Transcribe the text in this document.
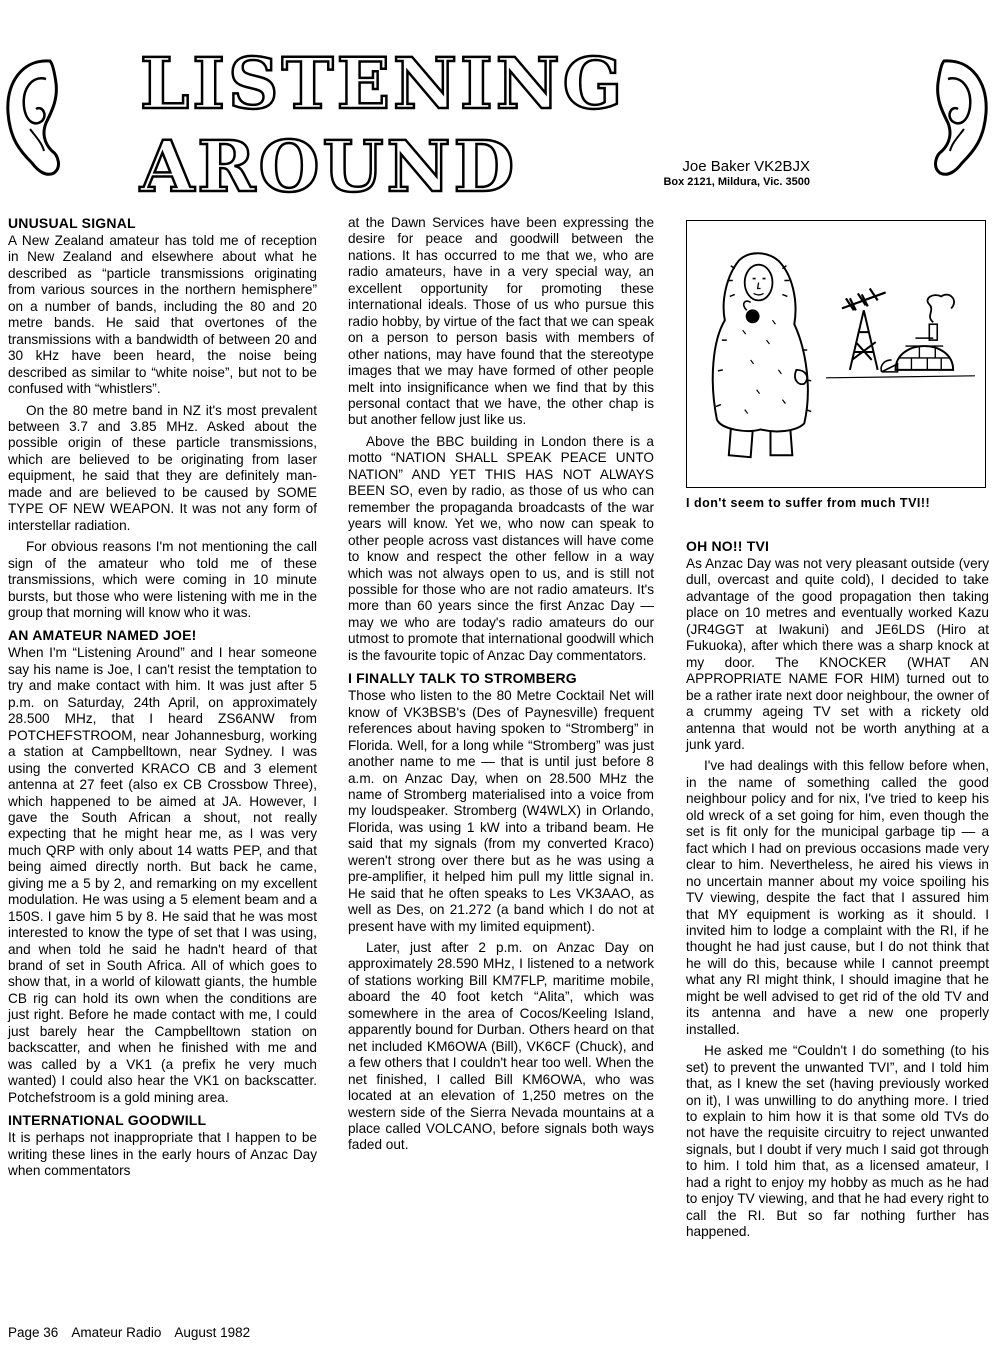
LISTENING AROUND	Joe Baker VK2BJX
Box 2121, Mildura, Vic. 3500
UNUSUAL SIGNAL

A New Zealand amateur has told me of reception in New Zealand and elsewhere about what he described as “particle transmissions originating from various sources in the northern hemisphere” on a number of bands, including the 80 and 20 metre bands. He said that overtones of the transmissions with a bandwidth of between 20 and 30 kHz have been heard, the noise being described as similar to “white noise”, but not to be confused with “whistlers”.

On the 80 metre band in NZ it's most prevalent between 3.7 and 3.85 MHz. Asked about the possible origin of these particle transmissions, which are believed to be originating from laser equipment, he said that they are definitely man-made and are believed to be caused by SOME TYPE OF NEW WEAPON. It was not any form of interstellar radiation.

For obvious reasons I'm not mentioning the call sign of the amateur who told me of these transmissions, which were coming in 10 minute bursts, but those who were listening with me in the group that morning will know who it was.

AN AMATEUR NAMED JOE!

When I'm “Listening Around” and I hear someone say his name is Joe, I can't resist the temptation to try and make contact with him. It was just after 5 p.m. on Saturday, 24th April, on approximately 28.500 MHz, that I heard ZS6ANW from POTCHEFSTROOM, near Johannesburg, working a station at Campbelltown, near Sydney. I was using the converted KRACO CB and 3 element antenna at 27 feet (also ex CB Crossbow Three), which happened to be aimed at JA. However, I gave the South African a shout, not really expecting that he might hear me, as I was very much QRP with only about 14 watts PEP, and that being aimed directly north. But back he came, giving me a 5 by 2, and remarking on my excellent modulation. He was using a 5 element beam and a 150S. I gave him 5 by 8. He said that he was most interested to know the type of set that I was using, and when told he said he hadn't heard of that brand of set in South Africa. All of which goes to show that, in a world of kilowatt giants, the humble CB rig can hold its own when the conditions are just right. Before he made contact with me, I could just barely hear the Campbelltown station on backscatter, and when he finished with me and was called by a VK1 (a prefix he very much wanted) I could also hear the VK1 on backscatter. Potchefstroom is a gold mining area.

INTERNATIONAL GOODWILL

It is perhaps not inappropriate that I happen to be writing these lines in the early hours of Anzac Day when commentators

at the Dawn Services have been expressing the desire for peace and goodwill between the nations. It has occurred to me that we, who are radio amateurs, have in a very special way, an excellent opportunity for promoting these international ideals. Those of us who pursue this radio hobby, by virtue of the fact that we can speak on a person to person basis with members of other nations, may have found that the stereotype images that we may have formed of other people melt into insignificance when we find that by this personal contact that we have, the other chap is but another fellow just like us.

Above the BBC building in London there is a motto “NATION SHALL SPEAK PEACE UNTO NATION” AND YET THIS HAS NOT ALWAYS BEEN SO, even by radio, as those of us who can remember the propaganda broadcasts of the war years will know. Yet we, who now can speak to other people across vast distances will have come to know and respect the other fellow in a way which was not always open to us, and is still not possible for those who are not radio amateurs. It's more than 60 years since the first Anzac Day — may we who are today's radio amateurs do our utmost to promote that international goodwill which is the favourite topic of Anzac Day commentators.

I FINALLY TALK TO STROMBERG

Those who listen to the 80 Metre Cocktail Net will know of VK3BSB's (Des of Paynesville) frequent references about having spoken to “Stromberg” in Florida. Well, for a long while “Stromberg” was just another name to me — that is until just before 8 a.m. on Anzac Day, when on 28.500 MHz the name of Stromberg materialised into a voice from my loudspeaker. Stromberg (W4WLX) in Orlando, Florida, was using 1 kW into a triband beam. He said that my signals (from my converted Kraco) weren't strong over there but as he was using a pre-amplifier, it helped him pull my little signal in. He said that he often speaks to Les VK3AAO, as well as Des, on 21.272 (a band which I do not at present have with my limited equipment).

Later, just after 2 p.m. on Anzac Day on approximately 28.590 MHz, I listened to a network of stations working Bill KM7FLP, maritime mobile, aboard the 40 foot ketch “Alita”, which was somewhere in the area of Cocos/Keeling Island, apparently bound for Durban. Others heard on that net included KM6OWA (Bill), VK6CF (Chuck), and a few others that I couldn't hear too well. When the net finished, I called Bill KM6OWA, who was located at an elevation of 1,250 metres on the western side of the Sierra Nevada mountains at a place called VOLCANO, before signals both ways faded out.

I don't seem to suffer from much TVI!!
OH NO!! TVI

As Anzac Day was not very pleasant outside (very dull, overcast and quite cold), I decided to take advantage of the good propagation then taking place on 10 metres and eventually worked Kazu (JR4GGT at Iwakuni) and JE6LDS (Hiro at Fukuoka), after which there was a sharp knock at my door. The KNOCKER (WHAT AN APPROPRIATE NAME FOR HIM) turned out to be a rather irate next door neighbour, the owner of a crummy ageing TV set with a rickety old antenna that would not be worth anything at a junk yard.

I've had dealings with this fellow before when, in the name of something called the good neighbour policy and for nix, I've tried to keep his old wreck of a set going for him, even though the set is fit only for the municipal garbage tip — a fact which I had on previous occasions made very clear to him. Nevertheless, he aired his views in no uncertain manner about my voice spoiling his TV viewing, despite the fact that I assured him that MY equipment is working as it should. I invited him to lodge a complaint with the RI, if he thought he had just cause, but I do not think that he will do this, because while I cannot preempt what any RI might think, I should imagine that he might be well advised to get rid of the old TV and its antenna and have a new one properly installed.

He asked me “Couldn't I do something (to his set) to prevent the unwanted TVI”, and I told him that, as I knew the set (having previously worked on it), I was unwilling to do anything more. I tried to explain to him how it is that some old TVs do not have the requisite circuitry to reject unwanted signals, but I doubt if very much I said got through to him. I told him that, as a licensed amateur, I had a right to enjoy my hobby as much as he had to enjoy TV viewing, and that he had every right to call the RI. But so far nothing further has happened.

Page 36 Amateur Radio August 1982
